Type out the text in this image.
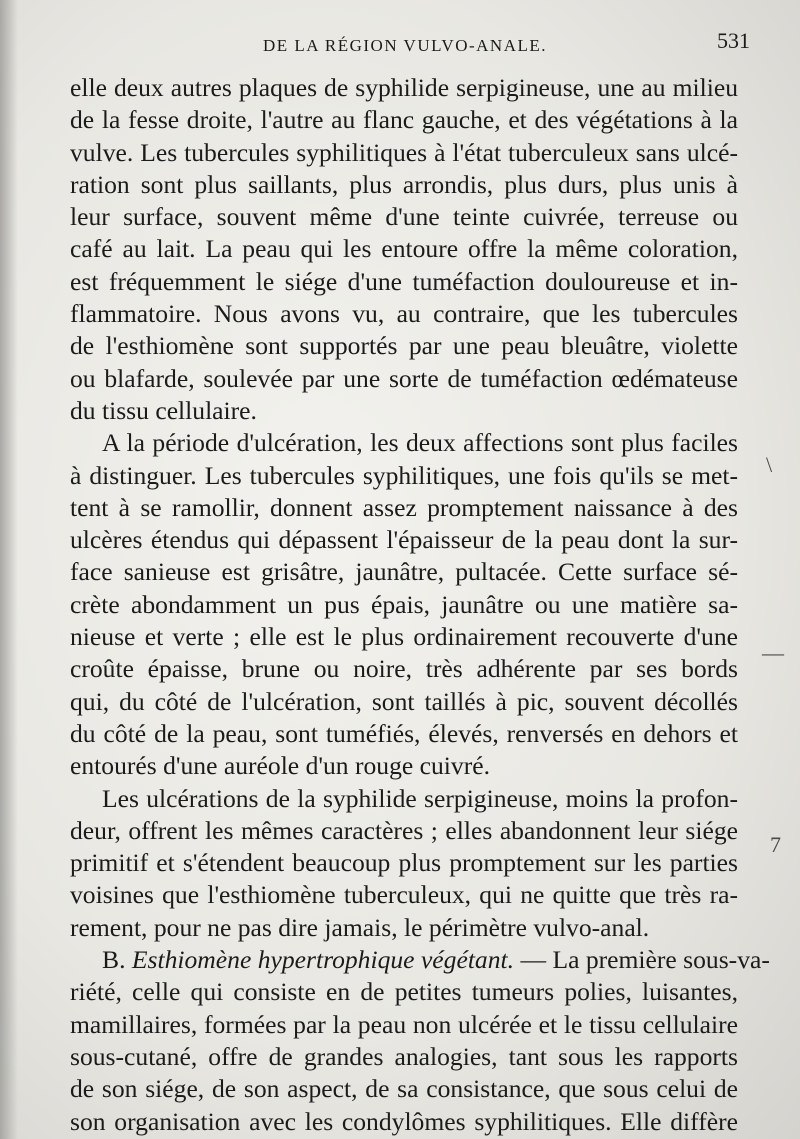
DE LA RÉGION VULVO-ANALE.	531

elle deux autres plaques de syphilide serpigineuse, une au milieu
de la fesse droite, l'autre au flanc gauche, et des végétations à la
vulve. Les tubercules syphilitiques à l'état tuberculeux sans ulcé-
ration sont plus saillants, plus arrondis, plus durs, plus unis à
leur surface, souvent même d'une teinte cuivrée, terreuse ou
café au lait. La peau qui les entoure offre la même coloration,
est fréquemment le siége d'une tuméfaction douloureuse et in-
flammatoire. Nous avons vu, au contraire, que les tubercules
de l'esthiomène sont supportés par une peau bleuâtre, violette
ou blafarde, soulevée par une sorte de tuméfaction œdémateuse
du tissu cellulaire.

A la période d'ulcération, les deux affections sont plus faciles
à distinguer. Les tubercules syphilitiques, une fois qu'ils se met-
tent à se ramollir, donnent assez promptement naissance à des
ulcères étendus qui dépassent l'épaisseur de la peau dont la sur-
face sanieuse est grisâtre, jaunâtre, pultacée. Cette surface sé-
crète abondamment un pus épais, jaunâtre ou une matière sa-
nieuse et verte ; elle est le plus ordinairement recouverte d'une
croûte épaisse, brune ou noire, très adhérente par ses bords
qui, du côté de l'ulcération, sont taillés à pic, souvent décollés
du côté de la peau, sont tuméfiés, élevés, renversés en dehors et
entourés d'une auréole d'un rouge cuivré.

Les ulcérations de la syphilide serpigineuse, moins la profon-
deur, offrent les mêmes caractères ; elles abandonnent leur siége
primitif et s'étendent beaucoup plus promptement sur les parties
voisines que l'esthiomène tuberculeux, qui ne quitte que très ra-
rement, pour ne pas dire jamais, le périmètre vulvo-anal.

B. Esthiomène hypertrophique végétant. — La première sous-va-
riété, celle qui consiste en de petites tumeurs polies, luisantes,
mamillaires, formées par la peau non ulcérée et le tissu cellulaire
sous-cutané, offre de grandes analogies, tant sous les rapports
de son siége, de son aspect, de sa consistance, que sous celui de
son organisation avec les condylômes syphilitiques. Elle diffère

\
—
7
